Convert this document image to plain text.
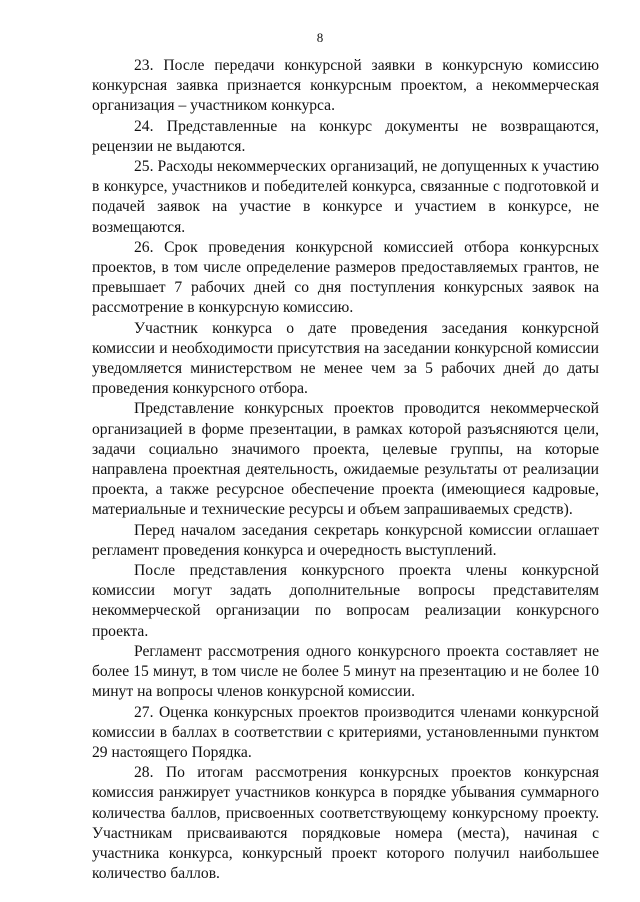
8

23. После передачи конкурсной заявки в конкурсную комиссию конкурсная заявка признается конкурсным проектом, а некоммерческая организация – участником конкурса.

24. Представленные на конкурс документы не возвращаются, рецензии не выдаются.

25. Расходы некоммерческих организаций, не допущенных к участию в конкурсе, участников и победителей конкурса, связанные с подготовкой и подачей заявок на участие в конкурсе и участием в конкурсе, не возмещаются.

26. Срок проведения конкурсной комиссией отбора конкурсных проектов, в том числе определение размеров предоставляемых грантов, не превышает 7 рабочих дней со дня поступления конкурсных заявок на рассмотрение в конкурсную комиссию.

Участник конкурса о дате проведения заседания конкурсной комиссии и необходимости присутствия на заседании конкурсной комиссии уведомляется министерством не менее чем за 5 рабочих дней до даты проведения конкурсного отбора.

Представление конкурсных проектов проводится некоммерческой организацией в форме презентации, в рамках которой разъясняются цели, задачи социально значимого проекта, целевые группы, на которые направлена проектная деятельность, ожидаемые результаты от реализации проекта, а также ресурсное обеспечение проекта (имеющиеся кадровые, материальные и технические ресурсы и объем запрашиваемых средств).

Перед началом заседания секретарь конкурсной комиссии оглашает регламент проведения конкурса и очередность выступлений.

После представления конкурсного проекта члены конкурсной комиссии могут задать дополнительные вопросы представителям некоммерческой организации по вопросам реализации конкурсного проекта.

Регламент рассмотрения одного конкурсного проекта составляет не более 15 минут, в том числе не более 5 минут на презентацию и не более 10 минут на вопросы членов конкурсной комиссии.

27. Оценка конкурсных проектов производится членами конкурсной комиссии в баллах в соответствии с критериями, установленными пунктом 29 настоящего Порядка.

28. По итогам рассмотрения конкурсных проектов конкурсная комиссия ранжирует участников конкурса в порядке убывания суммарного количества баллов, присвоенных соответствующему конкурсному проекту. Участникам присваиваются порядковые номера (места), начиная с участника конкурса, конкурсный проект которого получил наибольшее количество баллов.
